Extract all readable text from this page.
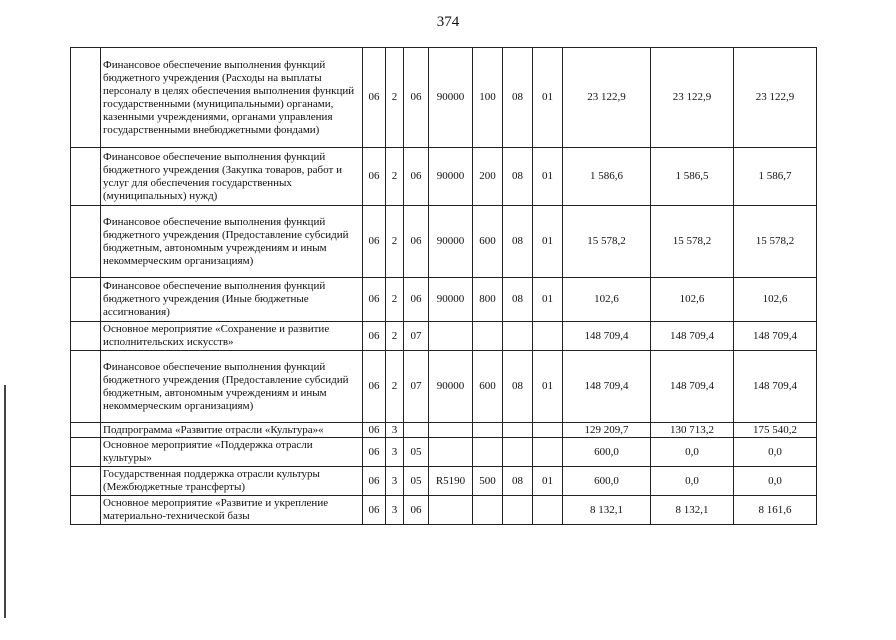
374
	Финансовое обеспечение выполнения функций бюджетного учреждения (Расходы на выплаты персоналу в целях обеспечения выполнения функций государственными (муниципальными) органами, казенными учреждениями, органами управления государственными внебюджетными фондами)	06	2	06	90000	100	08	01	23 122,9	23 122,9	23 122,9
	Финансовое обеспечение выполнения функций бюджетного учреждения (Закупка товаров, работ и услуг для обеспечения государственных (муниципальных) нужд)	06	2	06	90000	200	08	01	1 586,6	1 586,5	1 586,7
	Финансовое обеспечение выполнения функций бюджетного учреждения (Предоставление субсидий бюджетным, автономным учреждениям и иным некоммерческим организациям)	06	2	06	90000	600	08	01	15 578,2	15 578,2	15 578,2
	Финансовое обеспечение выполнения функций бюджетного учреждения (Иные бюджетные ассигнования)	06	2	06	90000	800	08	01	102,6	102,6	102,6
	Основное мероприятие «Сохранение и развитие исполнительских искусств»	06	2	07					148 709,4	148 709,4	148 709,4
	Финансовое обеспечение выполнения функций бюджетного учреждения (Предоставление субсидий бюджетным, автономным учреждениям и иным некоммерческим организациям)	06	2	07	90000	600	08	01	148 709,4	148 709,4	148 709,4
	Подпрограмма «Развитие отрасли «Культура»«	06	3						129 209,7	130 713,2	175 540,2
	Основное мероприятие «Поддержка отрасли культуры»	06	3	05					600,0	0,0	0,0
	Государственная поддержка отрасли культуры (Межбюджетные трансферты)	06	3	05	R5190	500	08	01	600,0	0,0	0,0
	Основное мероприятие «Развитие и укрепление материально-технической базы	06	3	06					8 132,1	8 132,1	8 161,6
